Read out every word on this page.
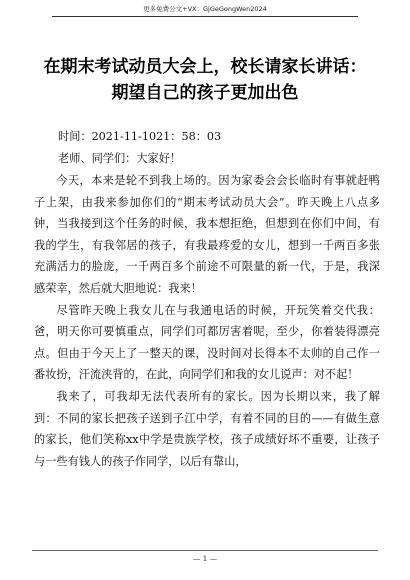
更多免费公文+VX：GjGeGongWen2024
在期末考试动员大会上，校长请家长讲话：
期望自己的孩子更加出色
时间：2021-11-1021：58：03
老师、同学们：大家好！

今天，本来是轮不到我上场的。因为家委会会长临时有事就赶鸭子上架，由我来参加你们的“期末考试动员大会”。昨天晚上八点多钟，当我接到这个任务的时候，我本想拒绝，但想到在你们中间，有我的学生，有我邻居的孩子，有我最疼爱的女儿，想到一千两百多张充满活力的脸庞，一千两百多个前途不可限量的新一代，于是，我深感荣幸，然后就大胆地说：我来！

尽管昨天晚上我女儿在与我通电话的时候，开玩笑着交代我：爸，明天你可要慎重点，同学们可都厉害着呢，至少，你着装得漂亮点。但由于今天上了一整天的课，没时间对长得本不太帅的自己作一番妆扮，汗流浃背的，在此，向同学们和我的女儿说声：对不起！

我来了，可我却无法代表所有的家长。因为长期以来，我了解到：不同的家长把孩子送到子江中学，有着不同的目的——有做生意的家长，他们笑称xx中学是贵族学校，孩子成绩好坏不重要，让孩子与一些有钱人的孩子作同学，以后有靠山，

— 1 —
